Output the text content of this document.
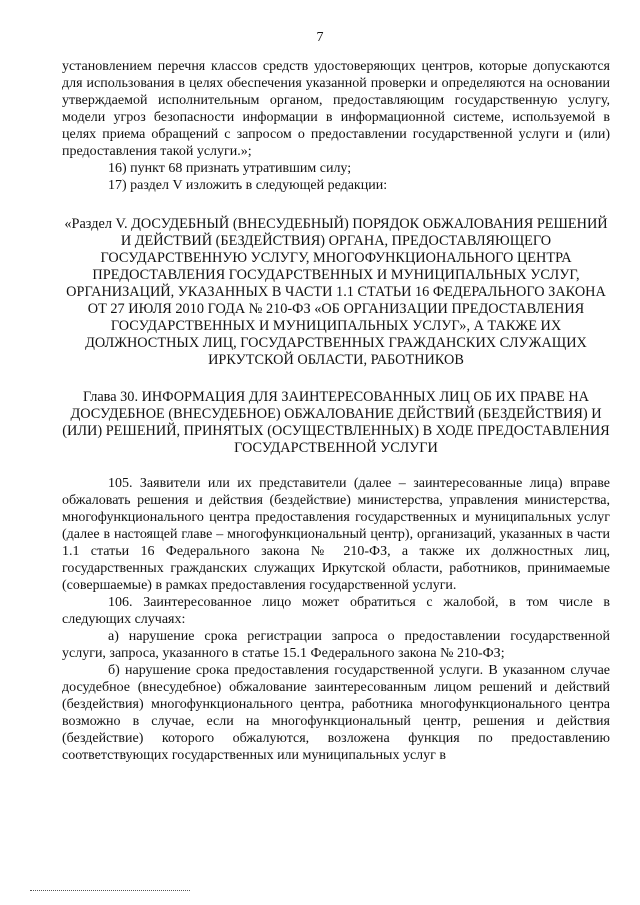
7

установлением перечня классов средств удостоверяющих центров, которые допускаются для использования в целях обеспечения указанной проверки и определяются на основании утверждаемой исполнительным органом, предоставляющим государственную услугу, модели угроз безопасности информации в информационной системе, используемой в целях приема обращений с запросом о предоставлении государственной услуги и (или) предоставления такой услуги.»;

16) пункт 68 признать утратившим силу;

17) раздел V изложить в следующей редакции:

«Раздел V. ДОСУДЕБНЫЙ (ВНЕСУДЕБНЫЙ) ПОРЯДОК ОБЖАЛОВАНИЯ РЕШЕНИЙ И ДЕЙСТВИЙ (БЕЗДЕЙСТВИЯ) ОРГАНА, ПРЕДОСТАВЛЯЮЩЕГО ГОСУДАРСТВЕННУЮ УСЛУГУ, МНОГОФУНКЦИОНАЛЬНОГО ЦЕНТРА ПРЕДОСТАВЛЕНИЯ ГОСУДАРСТВЕННЫХ И МУНИЦИПАЛЬНЫХ УСЛУГ, ОРГАНИЗАЦИЙ, УКАЗАННЫХ В ЧАСТИ 1.1 СТАТЬИ 16 ФЕДЕРАЛЬНОГО ЗАКОНА ОТ 27 ИЮЛЯ 2010 ГОДА № 210-ФЗ «ОБ ОРГАНИЗАЦИИ ПРЕДОСТАВЛЕНИЯ ГОСУДАРСТВЕННЫХ И МУНИЦИПАЛЬНЫХ УСЛУГ», А ТАКЖЕ ИХ ДОЛЖНОСТНЫХ ЛИЦ, ГОСУДАРСТВЕННЫХ ГРАЖДАНСКИХ СЛУЖАЩИХ ИРКУТСКОЙ ОБЛАСТИ, РАБОТНИКОВ

Глава 30. ИНФОРМАЦИЯ ДЛЯ ЗАИНТЕРЕСОВАННЫХ ЛИЦ ОБ ИХ ПРАВЕ НА ДОСУДЕБНОЕ (ВНЕСУДЕБНОЕ) ОБЖАЛОВАНИЕ ДЕЙСТВИЙ (БЕЗДЕЙСТВИЯ) И (ИЛИ) РЕШЕНИЙ, ПРИНЯТЫХ (ОСУЩЕСТВЛЕННЫХ) В ХОДЕ ПРЕДОСТАВЛЕНИЯ ГОСУДАРСТВЕННОЙ УСЛУГИ

105. Заявители или их представители (далее – заинтересованные лица) вправе обжаловать решения и действия (бездействие) министерства, управления министерства, многофункционального центра предоставления государственных и муниципальных услуг (далее в настоящей главе – многофункциональный центр), организаций, указанных в части 1.1 статьи 16 Федерального закона № 210-ФЗ, а также их должностных лиц, государственных гражданских служащих Иркутской области, работников, принимаемые (совершаемые) в рамках предоставления государственной услуги.

106. Заинтересованное лицо может обратиться с жалобой, в том числе в следующих случаях:

а) нарушение срока регистрации запроса о предоставлении государственной услуги, запроса, указанного в статье 15.1 Федерального закона № 210-ФЗ;

б) нарушение срока предоставления государственной услуги. В указанном случае досудебное (внесудебное) обжалование заинтересованным лицом решений и действий (бездействия) многофункционального центра, работника многофункционального центра возможно в случае, если на многофункциональный центр, решения и действия (бездействие) которого обжалуются, возложена функция по предоставлению соответствующих государственных или муниципальных услуг в
